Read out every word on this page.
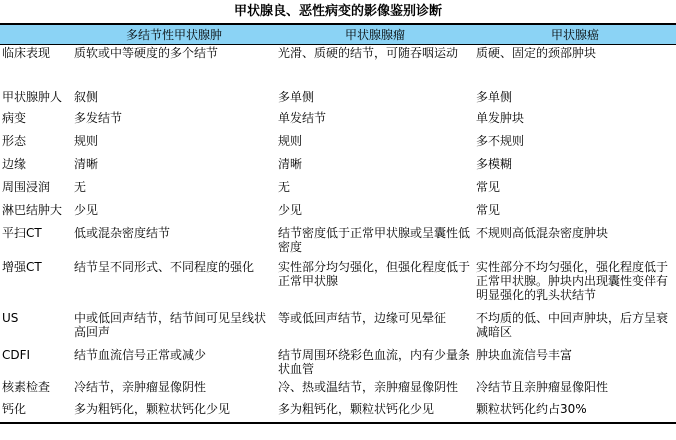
甲状腺良、恶性病变的影像鉴别诊断
	多结节性甲状腺肿	甲状腺腺瘤	甲状腺癌
临床表现	质软或中等硬度的多个结节	光滑、质硬的结节，可随吞咽运动	质硬、固定的颈部肿块
甲状腺肿人	叙侧	多单侧	多单侧
病变	多发结节	单发结节	单发肿块
形态	规则	规则	多不规则
边缘	清晰	清晰	多模糊
周围浸润	无	无	常见
淋巴结肿大	少见	少见	常见
平扫CT	低或混杂密度结节	结节密度低于正常甲状腺或呈囊性低密度	不规则高低混杂密度肿块
增强CT	结节呈不同形式、不同程度的强化	实性部分均匀强化，但强化程度低于正常甲状腺	实性部分不均匀强化，强化程度低于正常甲状腺。肿块内出现囊性变伴有明显强化的乳头状结节
US	中或低回声结节，结节间可见呈线状高回声	等或低回声结节，边缘可见晕征	不均质的低、中回声肿块，后方呈衰减暗区
CDFI	结节血流信号正常或减少	结节周围环绕彩色血流，内有少量条状血管	肿块血流信号丰富
核素检查	冷结节，亲肿瘤显像阴性	冷、热或温结节，亲肿瘤显像阴性	冷结节且亲肿瘤显像阳性
钙化	多为粗钙化，颗粒状钙化少见	多为粗钙化，颗粒状钙化少见	颗粒状钙化约占30%
